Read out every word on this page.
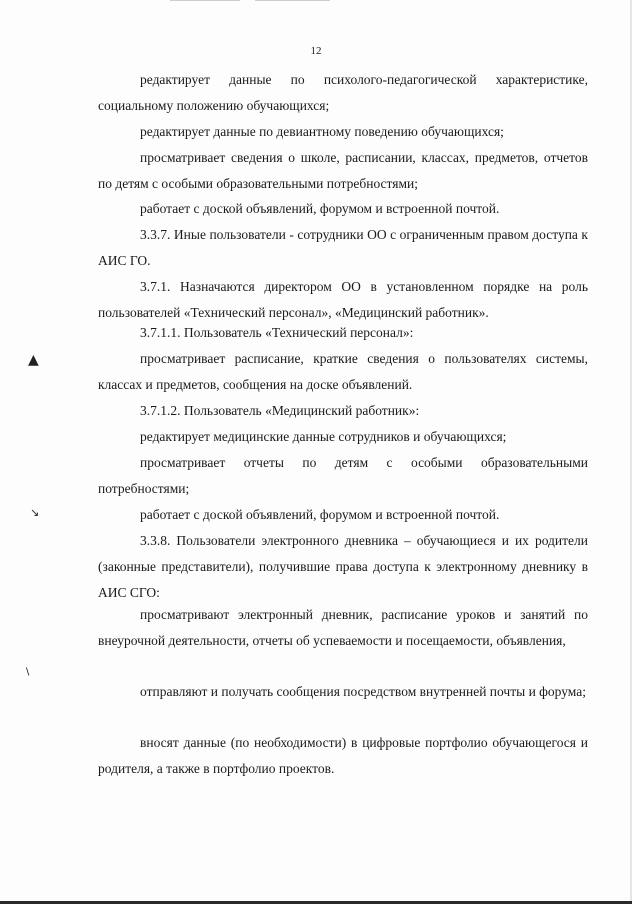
12

редактирует данные по психолого-педагогической характеристике, социальному положению обучающихся;

редактирует данные по девиантному поведению обучающихся;

просматривает сведения о школе, расписании, классах, предметов, отчетов по детям с особыми образовательными потребностями;

работает с доской объявлений, форумом и встроенной почтой.

3.3.7. Иные пользователи - сотрудники ОО с ограниченным правом доступа к АИС ГО.

3.7.1. Назначаются директором ОО в установленном порядке на роль пользователей «Технический персонал», «Медицинский работник».

3.7.1.1. Пользователь «Технический персонал»:

просматривает расписание, краткие сведения о пользователях системы, классах и предметов, сообщения на доске объявлений.

3.7.1.2. Пользователь «Медицинский работник»:

редактирует медицинские данные сотрудников и обучающихся;

просматривает отчеты по детям с особыми образовательными потребностями;

работает с доской объявлений, форумом и встроенной почтой.

3.3.8. Пользователи электронного дневника – обучающиеся и их родители (законные представители), получившие права доступа к электронному дневнику в АИС СГО:

просматривают электронный дневник, расписание уроков и занятий по внеурочной деятельности, отчеты об успеваемости и посещаемости, объявления,

отправляют и получать сообщения посредством внутренней почты и форума;

вносят данные (по необходимости) в цифровые портфолио обучающегося и родителя, а также в портфолио проектов.

▲
↘
∖
